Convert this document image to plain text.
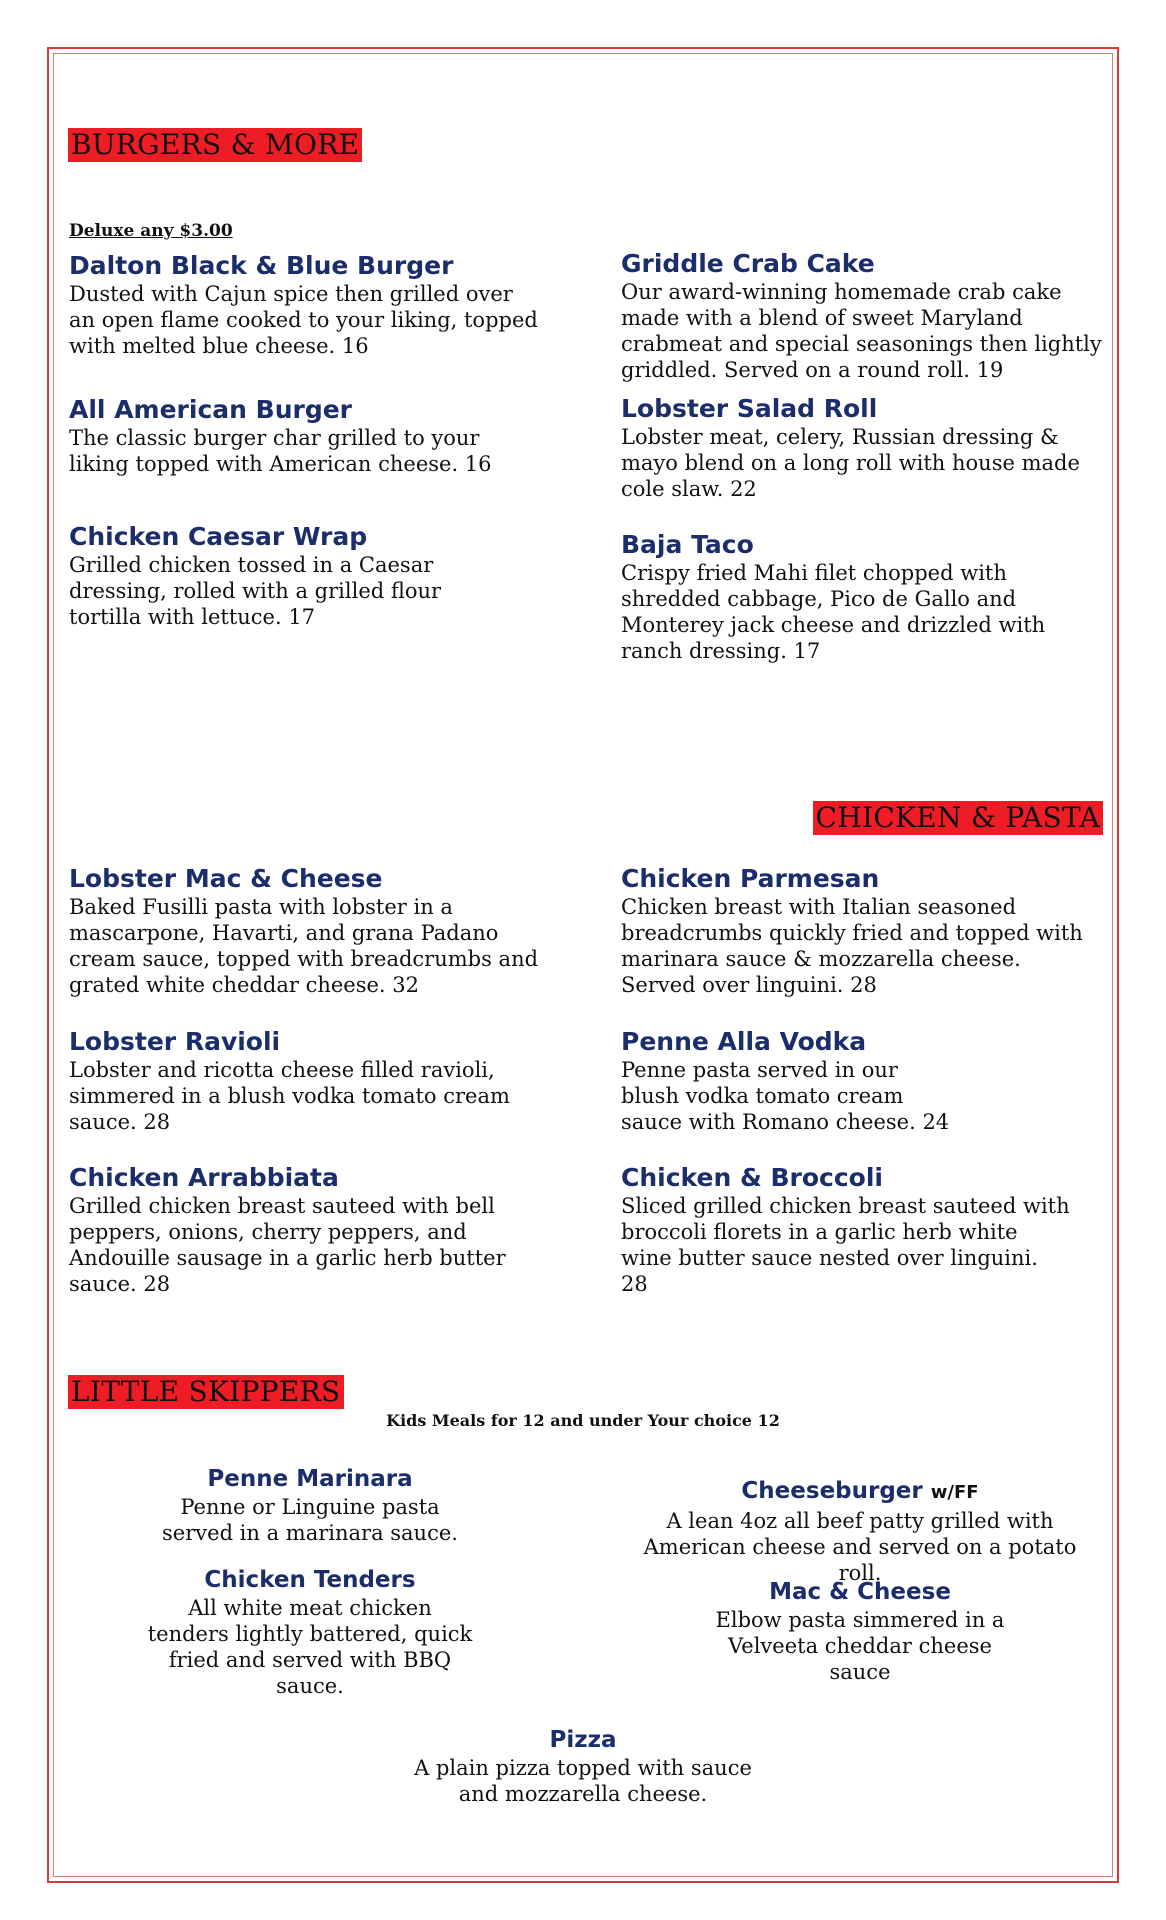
BURGERS & MORE
Deluxe any $3.00
Dalton Black & Blue Burger
Dusted with Cajun spice then grilled over an open flame cooked to your liking, topped with melted blue cheese. 16
All American Burger
The classic burger char grilled to your liking topped with American cheese. 16
Chicken Caesar Wrap
Grilled chicken tossed in a Caesar dressing, rolled with a grilled flour tortilla with lettuce. 17
Griddle Crab Cake
Our award-winning homemade crab cake made with a blend of sweet Maryland crabmeat and special seasonings then lightly griddled. Served on a round roll. 19
Lobster Salad Roll
Lobster meat, celery, Russian dressing & mayo blend on a long roll with house made cole slaw. 22
Baja Taco
Crispy fried Mahi filet chopped with shredded cabbage, Pico de Gallo and Monterey jack cheese and drizzled with ranch dressing. 17
CHICKEN & PASTA
Lobster Mac & Cheese
Baked Fusilli pasta with lobster in a mascarpone, Havarti, and grana Padano cream sauce, topped with breadcrumbs and grated white cheddar cheese. 32
Lobster Ravioli
Lobster and ricotta cheese filled ravioli, simmered in a blush vodka tomato cream sauce. 28
Chicken Arrabbiata
Grilled chicken breast sauteed with bell peppers, onions, cherry peppers, and Andouille sausage in a garlic herb butter sauce. 28
Chicken Parmesan
Chicken breast with Italian seasoned breadcrumbs quickly fried and topped with marinara sauce & mozzarella cheese. Served over linguini. 28
Penne Alla Vodka
Penne pasta served in our blush vodka tomato cream sauce with Romano cheese. 24
Chicken & Broccoli
Sliced grilled chicken breast sauteed with broccoli florets in a garlic herb white wine butter sauce nested over linguini. 28
LITTLE SKIPPERS
Kids Meals for 12 and under Your choice 12
Penne Marinara
Penne or Linguine pasta served in a marinara sauce.
Chicken Tenders
All white meat chicken tenders lightly battered, quick fried and served with BBQ sauce.
Cheeseburger w/FF
A lean 4oz all beef patty grilled with American cheese and served on a potato roll.
Mac & Cheese
Elbow pasta simmered in a Velveeta cheddar cheese sauce
Pizza
A plain pizza topped with sauce and mozzarella cheese.
